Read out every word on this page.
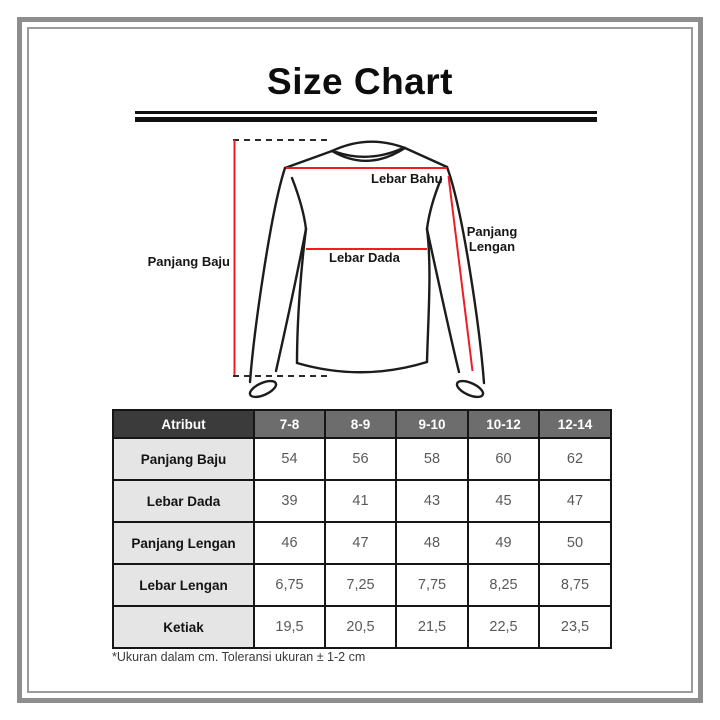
Size Chart
Panjang Baju
Lebar Bahu
Lebar Dada
Panjang
Lengan
Atribut	7-8	8-9	9-10	10-12	12-14
Panjang Baju	54	56	58	60	62
Lebar Dada	39	41	43	45	47
Panjang Lengan	46	47	48	49	50
Lebar Lengan	6,75	7,25	7,75	8,25	8,75
Ketiak	19,5	20,5	21,5	22,5	23,5
*Ukuran dalam cm. Toleransi ukuran ± 1-2 cm
